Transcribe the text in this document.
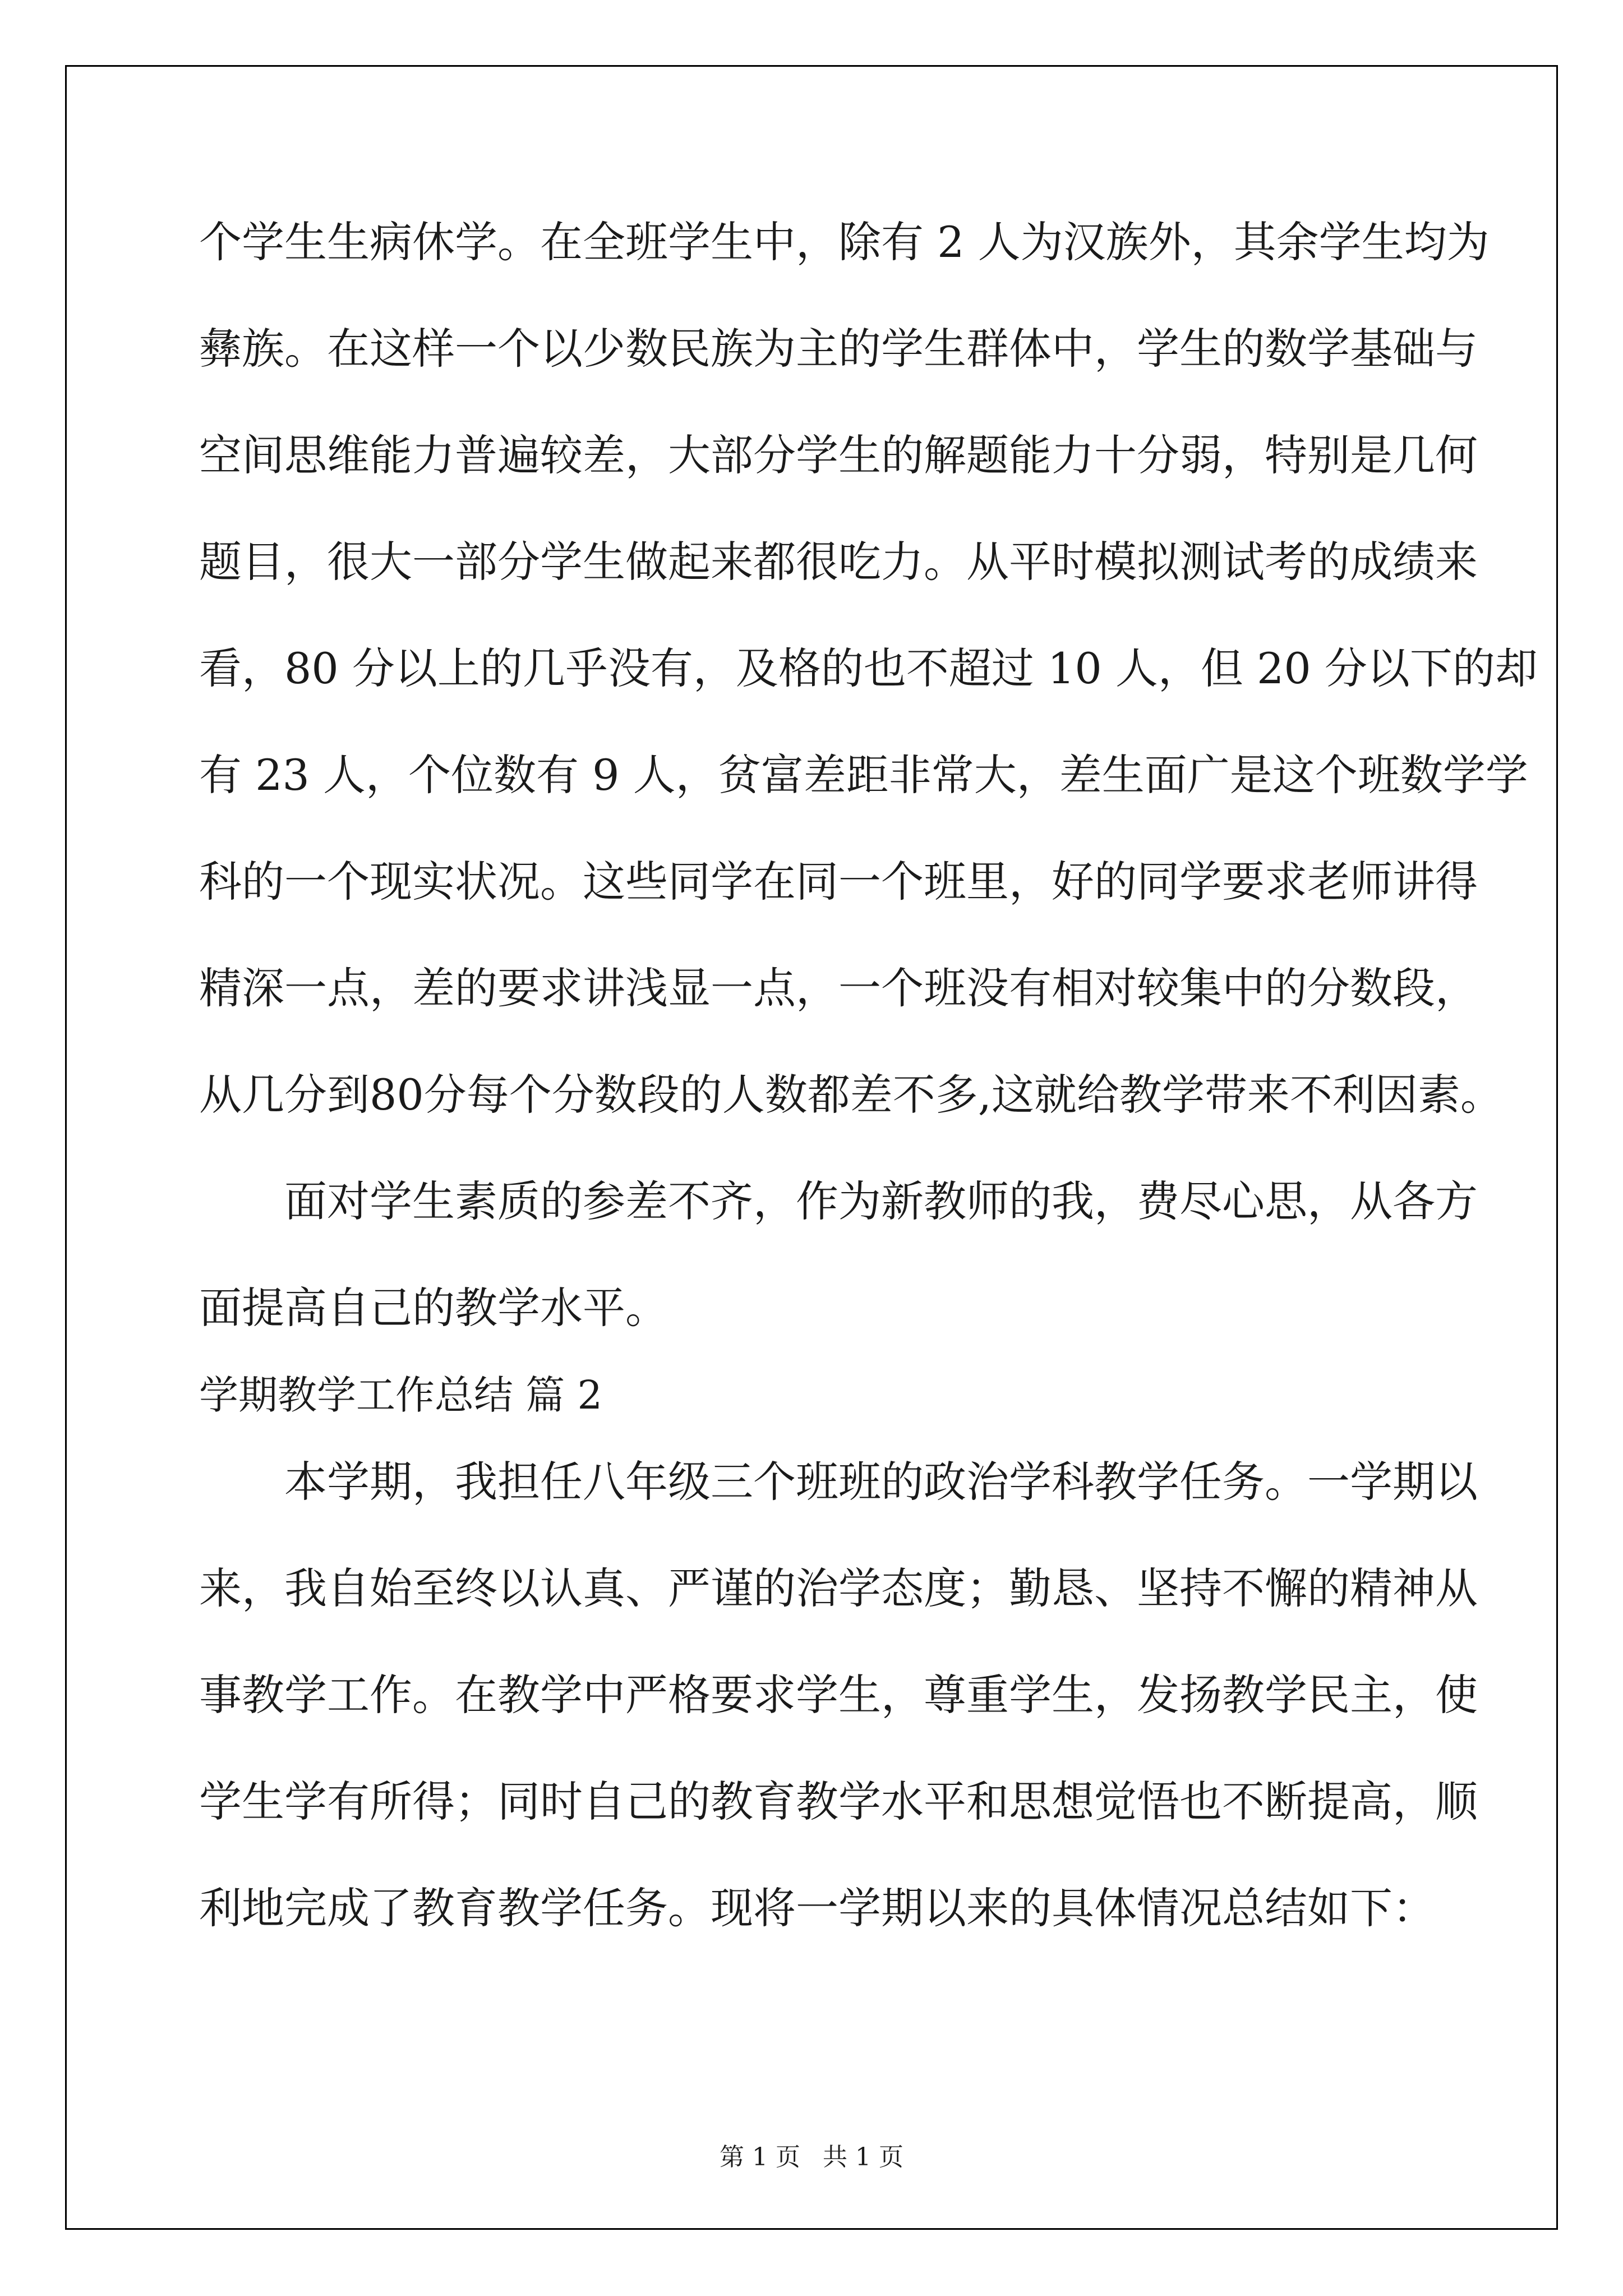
个学生生病休学。在全班学生中，除有 2 人为汉族外，其余学生均为

彝族。在这样一个以少数民族为主的学生群体中，学生的数学基础与

空间思维能力普遍较差，大部分学生的解题能力十分弱，特别是几何

题目，很大一部分学生做起来都很吃力。从平时模拟测试考的成绩来

看，80 分以上的几乎没有，及格的也不超过 10 人，但 20 分以下的却

有 23 人，个位数有 9 人，贫富差距非常大，差生面广是这个班数学学

科的一个现实状况。这些同学在同一个班里，好的同学要求老师讲得

精深一点，差的要求讲浅显一点，一个班没有相对较集中的分数段，

从几分到80分每个分数段的人数都差不多,这就给教学带来不利因素。

面对学生素质的参差不齐，作为新教师的我，费尽心思，从各方

面提高自己的教学水平。

学期教学工作总结 篇 2

本学期，我担任八年级三个班班的政治学科教学任务。一学期以

来，我自始至终以认真、严谨的治学态度；勤恳、坚持不懈的精神从

事教学工作。在教学中严格要求学生，尊重学生，发扬教学民主，使

学生学有所得；同时自己的教育教学水平和思想觉悟也不断提高，顺

利地完成了教育教学任务。现将一学期以来的具体情况总结如下：

第 1 页 共 1 页
